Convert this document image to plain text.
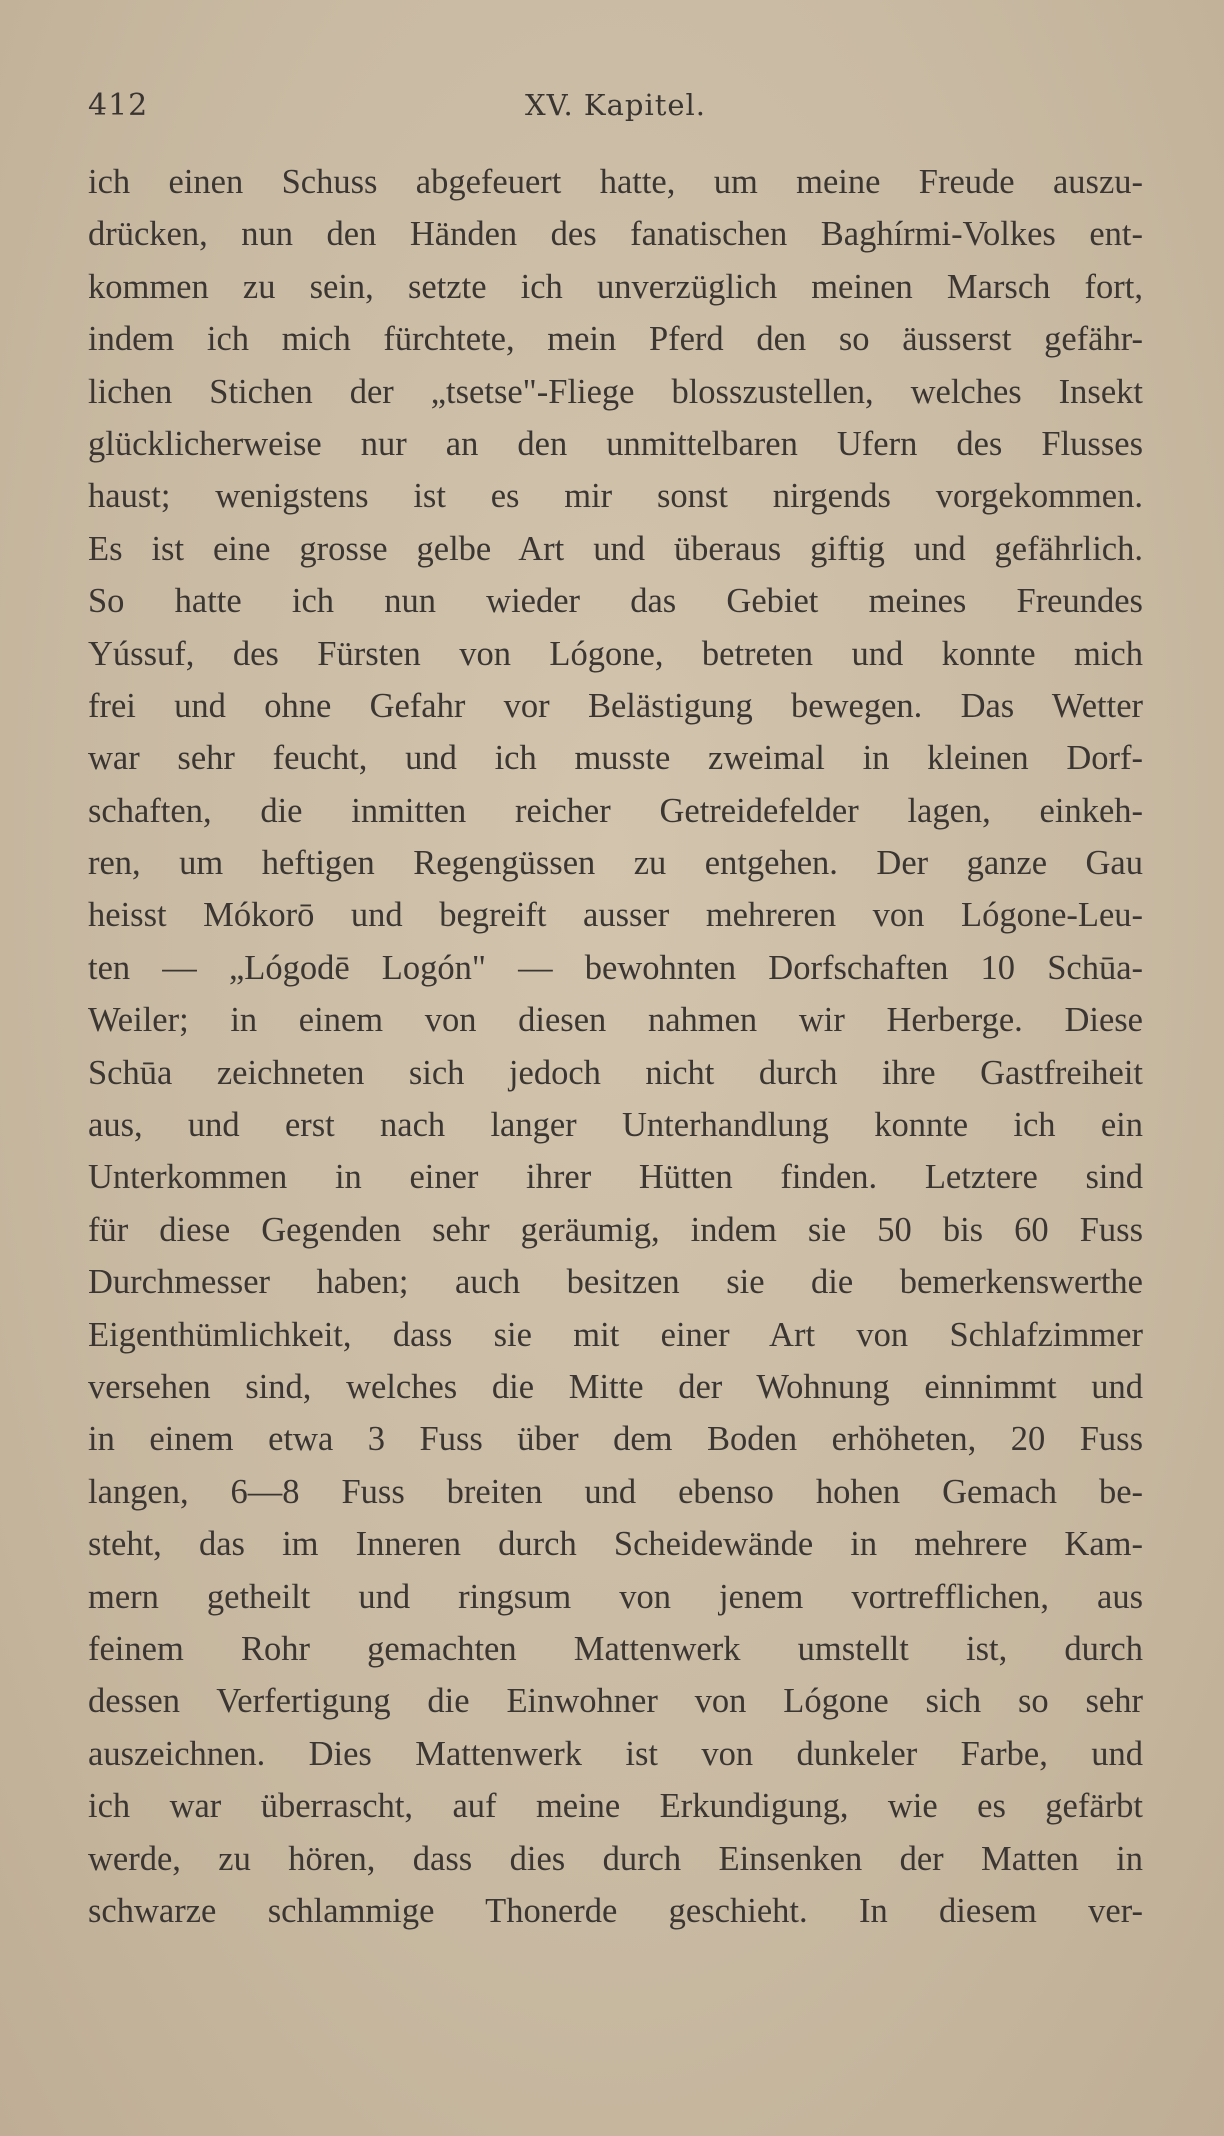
412	XV. Kapitel.
ich einen Schuss abgefeuert hatte, um meine Freude auszu-
drücken, nun den Händen des fanatischen Baghírmi-Volkes ent-
kommen zu sein, setzte ich unverzüglich meinen Marsch fort,
indem ich mich fürchtete, mein Pferd den so äusserst gefähr-
lichen Stichen der „tsetse"-Fliege blosszustellen, welches Insekt
glücklicherweise nur an den unmittelbaren Ufern des Flusses
haust; wenigstens ist es mir sonst nirgends vorgekommen.
Es ist eine grosse gelbe Art und überaus giftig und gefährlich.
So hatte ich nun wieder das Gebiet meines Freundes
Yússuf, des Fürsten von Lógone, betreten und konnte mich
frei und ohne Gefahr vor Belästigung bewegen. Das Wetter
war sehr feucht, und ich musste zweimal in kleinen Dorf-
schaften, die inmitten reicher Getreidefelder lagen, einkeh-
ren, um heftigen Regengüssen zu entgehen. Der ganze Gau
heisst Mókorō und begreift ausser mehreren von Lógone-Leu-
ten — „Lógodē Logón" — bewohnten Dorfschaften 10 Schūa-
Weiler; in einem von diesen nahmen wir Herberge. Diese
Schūa zeichneten sich jedoch nicht durch ihre Gastfreiheit
aus, und erst nach langer Unterhandlung konnte ich ein
Unterkommen in einer ihrer Hütten finden. Letztere sind
für diese Gegenden sehr geräumig, indem sie 50 bis 60 Fuss
Durchmesser haben; auch besitzen sie die bemerkenswerthe
Eigenthümlichkeit, dass sie mit einer Art von Schlafzimmer
versehen sind, welches die Mitte der Wohnung einnimmt und
in einem etwa 3 Fuss über dem Boden erhöheten, 20 Fuss
langen, 6—8 Fuss breiten und ebenso hohen Gemach be-
steht, das im Inneren durch Scheidewände in mehrere Kam-
mern getheilt und ringsum von jenem vortrefflichen, aus
feinem Rohr gemachten Mattenwerk umstellt ist, durch
dessen Verfertigung die Einwohner von Lógone sich so sehr
auszeichnen. Dies Mattenwerk ist von dunkeler Farbe, und
ich war überrascht, auf meine Erkundigung, wie es gefärbt
werde, zu hören, dass dies durch Einsenken der Matten in
schwarze schlammige Thonerde geschieht. In diesem ver-
